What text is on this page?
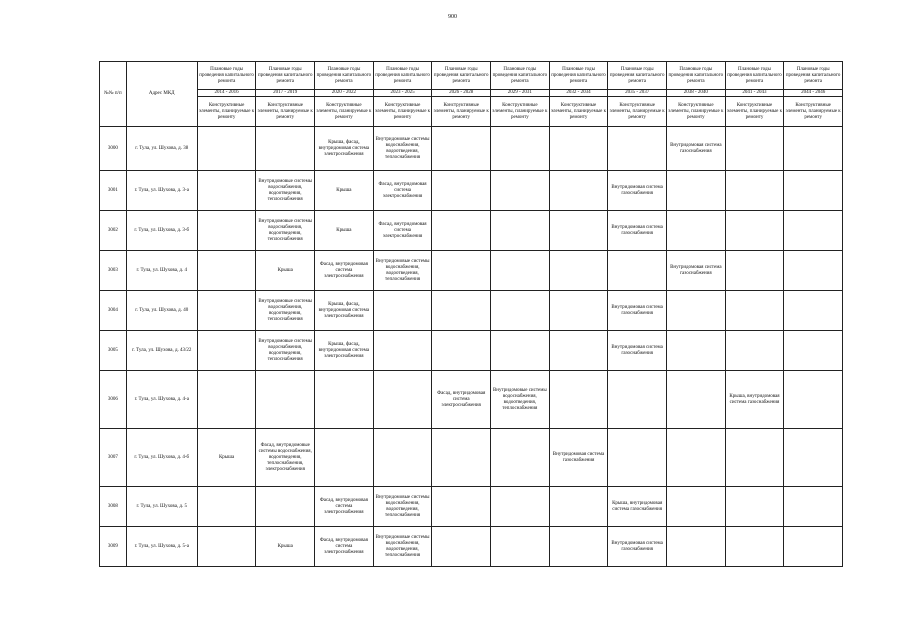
900
№№ п/п	Адрес МКД	Плановые годы проведения капитального ремонта	Плановые годы проведения капитального ремонта	Плановые годы проведения капитального ремонта	Плановые годы проведения капитального ремонта	Плановые годы проведения капитального ремонта	Плановые годы проведения капитального ремонта	Плановые годы проведения капитального ремонта	Плановые годы проведения капитального ремонта	Плановые годы проведения капитального ремонта	Плановые годы проведения капитального ремонта	Плановые годы проведения капитального ремонта
		2014 - 2016	2017 - 2019	2020 - 2022	2023 - 2025	2026 - 2028	2029 - 2031	2032 - 2034	2035 - 2037	2038 - 2040	2041 - 2043	2044 - 2046
		Конструктивные элементы, планируемые к ремонту	Конструктивные элементы, планируемые к ремонту	Конструктивные элементы, планируемые к ремонту	Конструктивные элементы, планируемые к ремонту	Конструктивные элементы, планируемые к ремонту	Конструктивные элементы, планируемые к ремонту	Конструктивные элементы, планируемые к ремонту	Конструктивные элементы, планируемые к ремонту	Конструктивные элементы, планируемые к ремонту	Конструктивные элементы, планируемые к ремонту	Конструктивные элементы, планируемые к ремонту
3000	г. Тула, ул. Шухова, д. 38			Крыша, фасад, внутридомовая система электроснабжения	Внутридомовые системы водоснабжения, водоотведения, теплоснабжения					Внутридомовая система газоснабжения		
3001	г. Тула, ул. Шухова, д. 3-а		Внутридомовые системы водоснабжения, водоотведения, теплоснабжения	Крыша	Фасад, внутридомовая система электроснабжения				Внутридомовая система газоснабжения			
3002	г. Тула, ул. Шухова, д. 3-б		Внутридомовые системы водоснабжения, водоотведения, теплоснабжения	Крыша	Фасад, внутридомовая система электроснабжения				Внутридомовая система газоснабжения			
3003	г. Тула, ул. Шухова, д. 4		Крыша	Фасад, внутридомовая система электроснабжения	Внутридомовые системы водоснабжения, водоотведения, теплоснабжения					Внутридомовая система газоснабжения		
3004	г. Тула, ул. Шухова, д. 40		Внутридомовые системы водоснабжения, водоотведения, теплоснабжения	Крыша, фасад, внутридомовая система электроснабжения					Внутридомовая система газоснабжения			
3005	г. Тула, ул. Шухова, д. 43/22		Внутридомовые системы водоснабжения, водоотведения, теплоснабжения	Крыша, фасад, внутридомовая система электроснабжения					Внутридомовая система газоснабжения			
3006	г. Тула, ул. Шухова, д. 4-а					Фасад, внутридомовая система электроснабжения	Внутридомовые системы водоснабжения, водоотведения, теплоснабжения				Крыша, внутридомовая система газоснабжения	
3007	г. Тула, ул. Шухова, д. 4-б	Крыша	Фасад, внутридомовые системы водоснабжения, водоотведения, теплоснабжения, электроснабжения					Внутридомовая система газоснабжения				
3008	г. Тула, ул. Шухова, д. 5			Фасад, внутридомовая система электроснабжения	Внутридомовые системы водоснабжения, водоотведения, теплоснабжения				Крыша, внутридомовая система газоснабжения			
3009	г. Тула, ул. Шухова, д. 5-а		Крыша	Фасад, внутридомовая система электроснабжения	Внутридомовые системы водоснабжения, водоотведения, теплоснабжения				Внутридомовая система газоснабжения			
